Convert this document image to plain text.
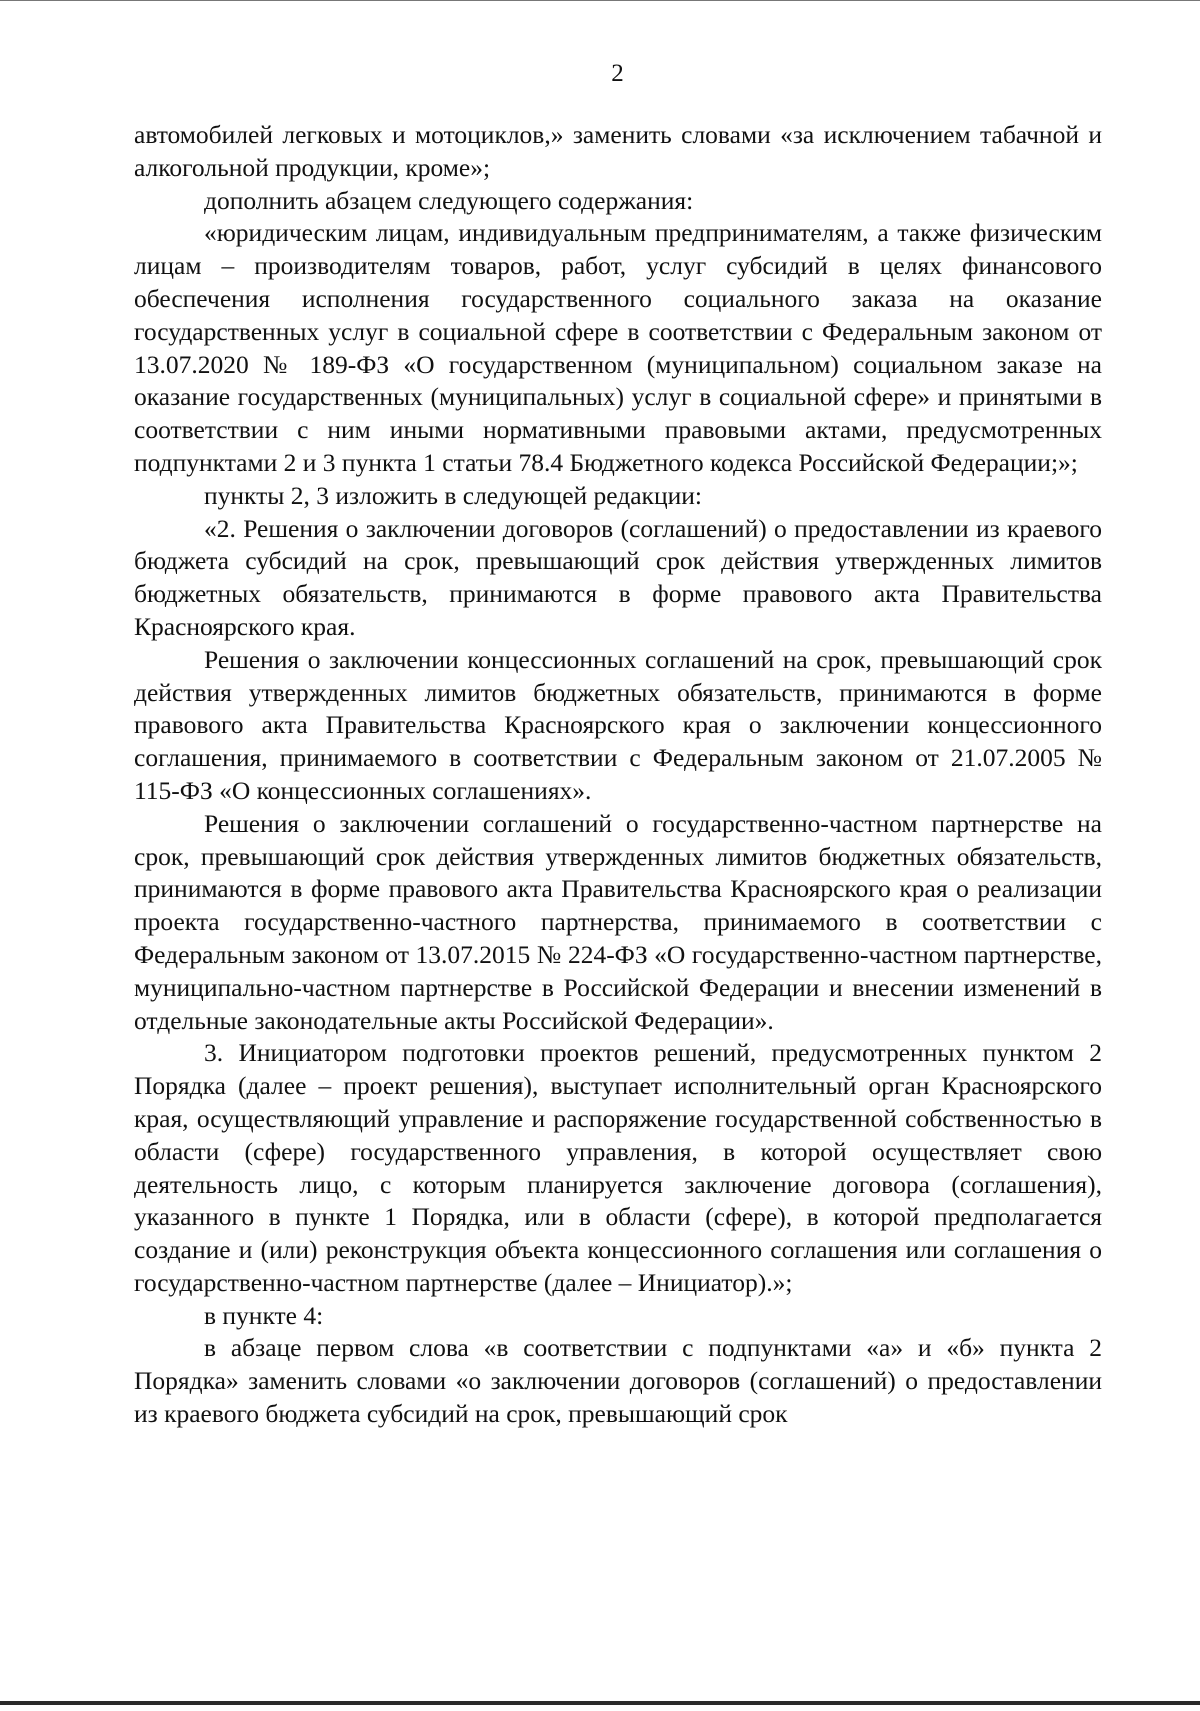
2

автомобилей легковых и мотоциклов,» заменить словами «за исключением табачной и алкогольной продукции, кроме»;

дополнить абзацем следующего содержания:

«юридическим лицам, индивидуальным предпринимателям, а также физическим лицам – производителям товаров, работ, услуг субсидий в целях финансового обеспечения исполнения государственного социального заказа на оказание государственных услуг в социальной сфере в соответствии с Федеральным законом от 13.07.2020 № 189-ФЗ «О государственном (муниципальном) социальном заказе на оказание государственных (муниципальных) услуг в социальной сфере» и принятыми в соответствии с ним иными нормативными правовыми актами, предусмотренных подпунктами 2 и 3 пункта 1 статьи 78.4 Бюджетного кодекса Российской Федерации;»;

пункты 2, 3 изложить в следующей редакции:

«2. Решения о заключении договоров (соглашений) о предоставлении из краевого бюджета субсидий на срок, превышающий срок действия утвержденных лимитов бюджетных обязательств, принимаются в форме правового акта Правительства Красноярского края.

Решения о заключении концессионных соглашений на срок, превышающий срок действия утвержденных лимитов бюджетных обязательств, принимаются в форме правового акта Правительства Красноярского края о заключении концессионного соглашения, принимаемого в соответствии с Федеральным законом от 21.07.2005 № 115-ФЗ «О концессионных соглашениях».

Решения о заключении соглашений о государственно-частном партнерстве на срок, превышающий срок действия утвержденных лимитов бюджетных обязательств, принимаются в форме правового акта Правительства Красноярского края о реализации проекта государственно-частного партнерства, принимаемого в соответствии с Федеральным законом от 13.07.2015 № 224-ФЗ «О государственно-частном партнерстве, муниципально-частном партнерстве в Российской Федерации и внесении изменений в отдельные законодательные акты Российской Федерации».

3. Инициатором подготовки проектов решений, предусмотренных пунктом 2 Порядка (далее – проект решения), выступает исполнительный орган Красноярского края, осуществляющий управление и распоряжение государственной собственностью в области (сфере) государственного управления, в которой осуществляет свою деятельность лицо, с которым планируется заключение договора (соглашения), указанного в пункте 1 Порядка, или в области (сфере), в которой предполагается создание и (или) реконструкция объекта концессионного соглашения или соглашения о государственно-частном партнерстве (далее – Инициатор).»;

в пункте 4:

в абзаце первом слова «в соответствии с подпунктами «а» и «б» пункта 2 Порядка» заменить словами «о заключении договоров (соглашений) о предоставлении из краевого бюджета субсидий на срок, превышающий срок
